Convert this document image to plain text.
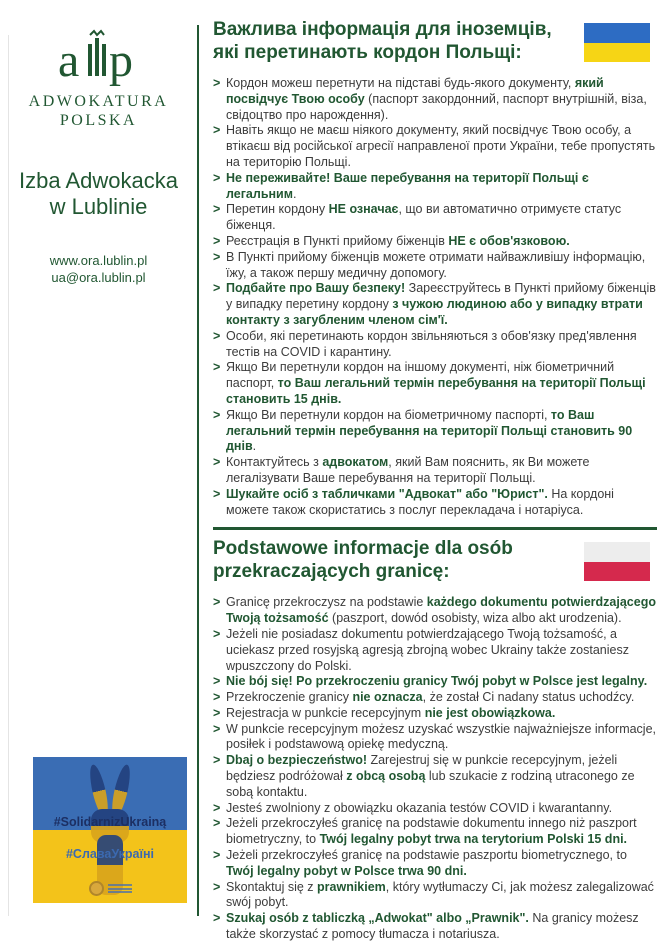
a p
ADWOKATURA
POLSKA
Izba Adwokacka
w Lublinie
www.ora.lublin.pl
ua@ora.lublin.pl
#SolidarnizUkrainą
#СлаваУкраїні
Важлива інформація для іноземців,
які перетинають кордон Польщі:
> Кордон можеш перетнути на підставі будь-якого документу, який посвідчує Твою особу (паспорт закордонний, паспорт внутрішній, віза, свідоцтво про нарождення).
> Навіть якщо не маєш ніякого документу, який посвідчує Твою особу, а втікаєш від російської агресії направленої проти України, тебе пропустять на територію Польщі.
> Не переживайте! Ваше перебування на території Польщі є легальним.
> Перетин кордону НЕ означає, що ви автоматично отримуєте статус біженця.
> Реєстрація в Пункті прийому біженців НЕ є обов'язковою.
> В Пункті прийому біженців можете отримати найважливішу інформацію, їжу, а також першу медичну допомогу.
> Подбайте про Вашу безпеку! Зареєструйтесь в Пункті прийому біженців у випадку перетину кордону з чужою людиною або у випадку втрати контакту з загубленим членом сім'ї.
> Особи, які перетинають кордон звільняються з обов'язку пред'явлення тестів на COVID і карантину.
> Якщо Ви перетнули кордон на іншому документі, ніж біометричний паспорт, то Ваш легальний термін перебування на території Польщі становить 15 днів.
> Якщо Ви перетнули кордон на біометричному паспорті, то Ваш легальний термін перебування на території Польщі становить 90 днів.
> Контактуйтесь з адвокатом, який Вам пояснить, як Ви можете легалізувати Ваше перебування на території Польщі.
> Шукайте осіб з табличками "Адвокат" або "Юрист". На кордоні можете також скористатись з послуг перекладача і нотаріуса.
Podstawowe informacje dla osób
przekraczających granicę:
> Granicę przekroczysz na podstawie każdego dokumentu potwierdzającego Twoją tożsamość (paszport, dowód osobisty, wiza albo akt urodzenia).
> Jeżeli nie posiadasz dokumentu potwierdzającego Twoją tożsamość, a uciekasz przed rosyjską agresją zbrojną wobec Ukrainy także zostaniesz wpuszczony do Polski.
> Nie bój się! Po przekroczeniu granicy Twój pobyt w Polsce jest legalny.
> Przekroczenie granicy nie oznacza, że został Ci nadany status uchodźcy.
> Rejestracja w punkcie recepcyjnym nie jest obowiązkowa.
> W punkcie recepcyjnym możesz uzyskać wszystkie najważniejsze informacje, posiłek i podstawową opiekę medyczną.
> Dbaj o bezpieczeństwo! Zarejestruj się w punkcie recepcyjnym, jeżeli będziesz podróżował z obcą osobą lub szukacie z rodziną utraconego ze sobą kontaktu.
> Jesteś zwolniony z obowiązku okazania testów COVID i kwarantanny.
> Jeżeli przekroczyłeś granicę na podstawie dokumentu innego niż paszport biometryczny, to Twój legalny pobyt trwa na terytorium Polski 15 dni.
> Jeżeli przekroczyłeś granicę na podstawie paszportu biometrycznego, to Twój legalny pobyt w Polsce trwa 90 dni.
> Skontaktuj się z prawnikiem, który wytłumaczy Ci, jak możesz zalegalizować swój pobyt.
> Szukaj osób z tabliczką „Adwokat" albo „Prawnik". Na granicy możesz także skorzystać z pomocy tłumacza i notariusza.
